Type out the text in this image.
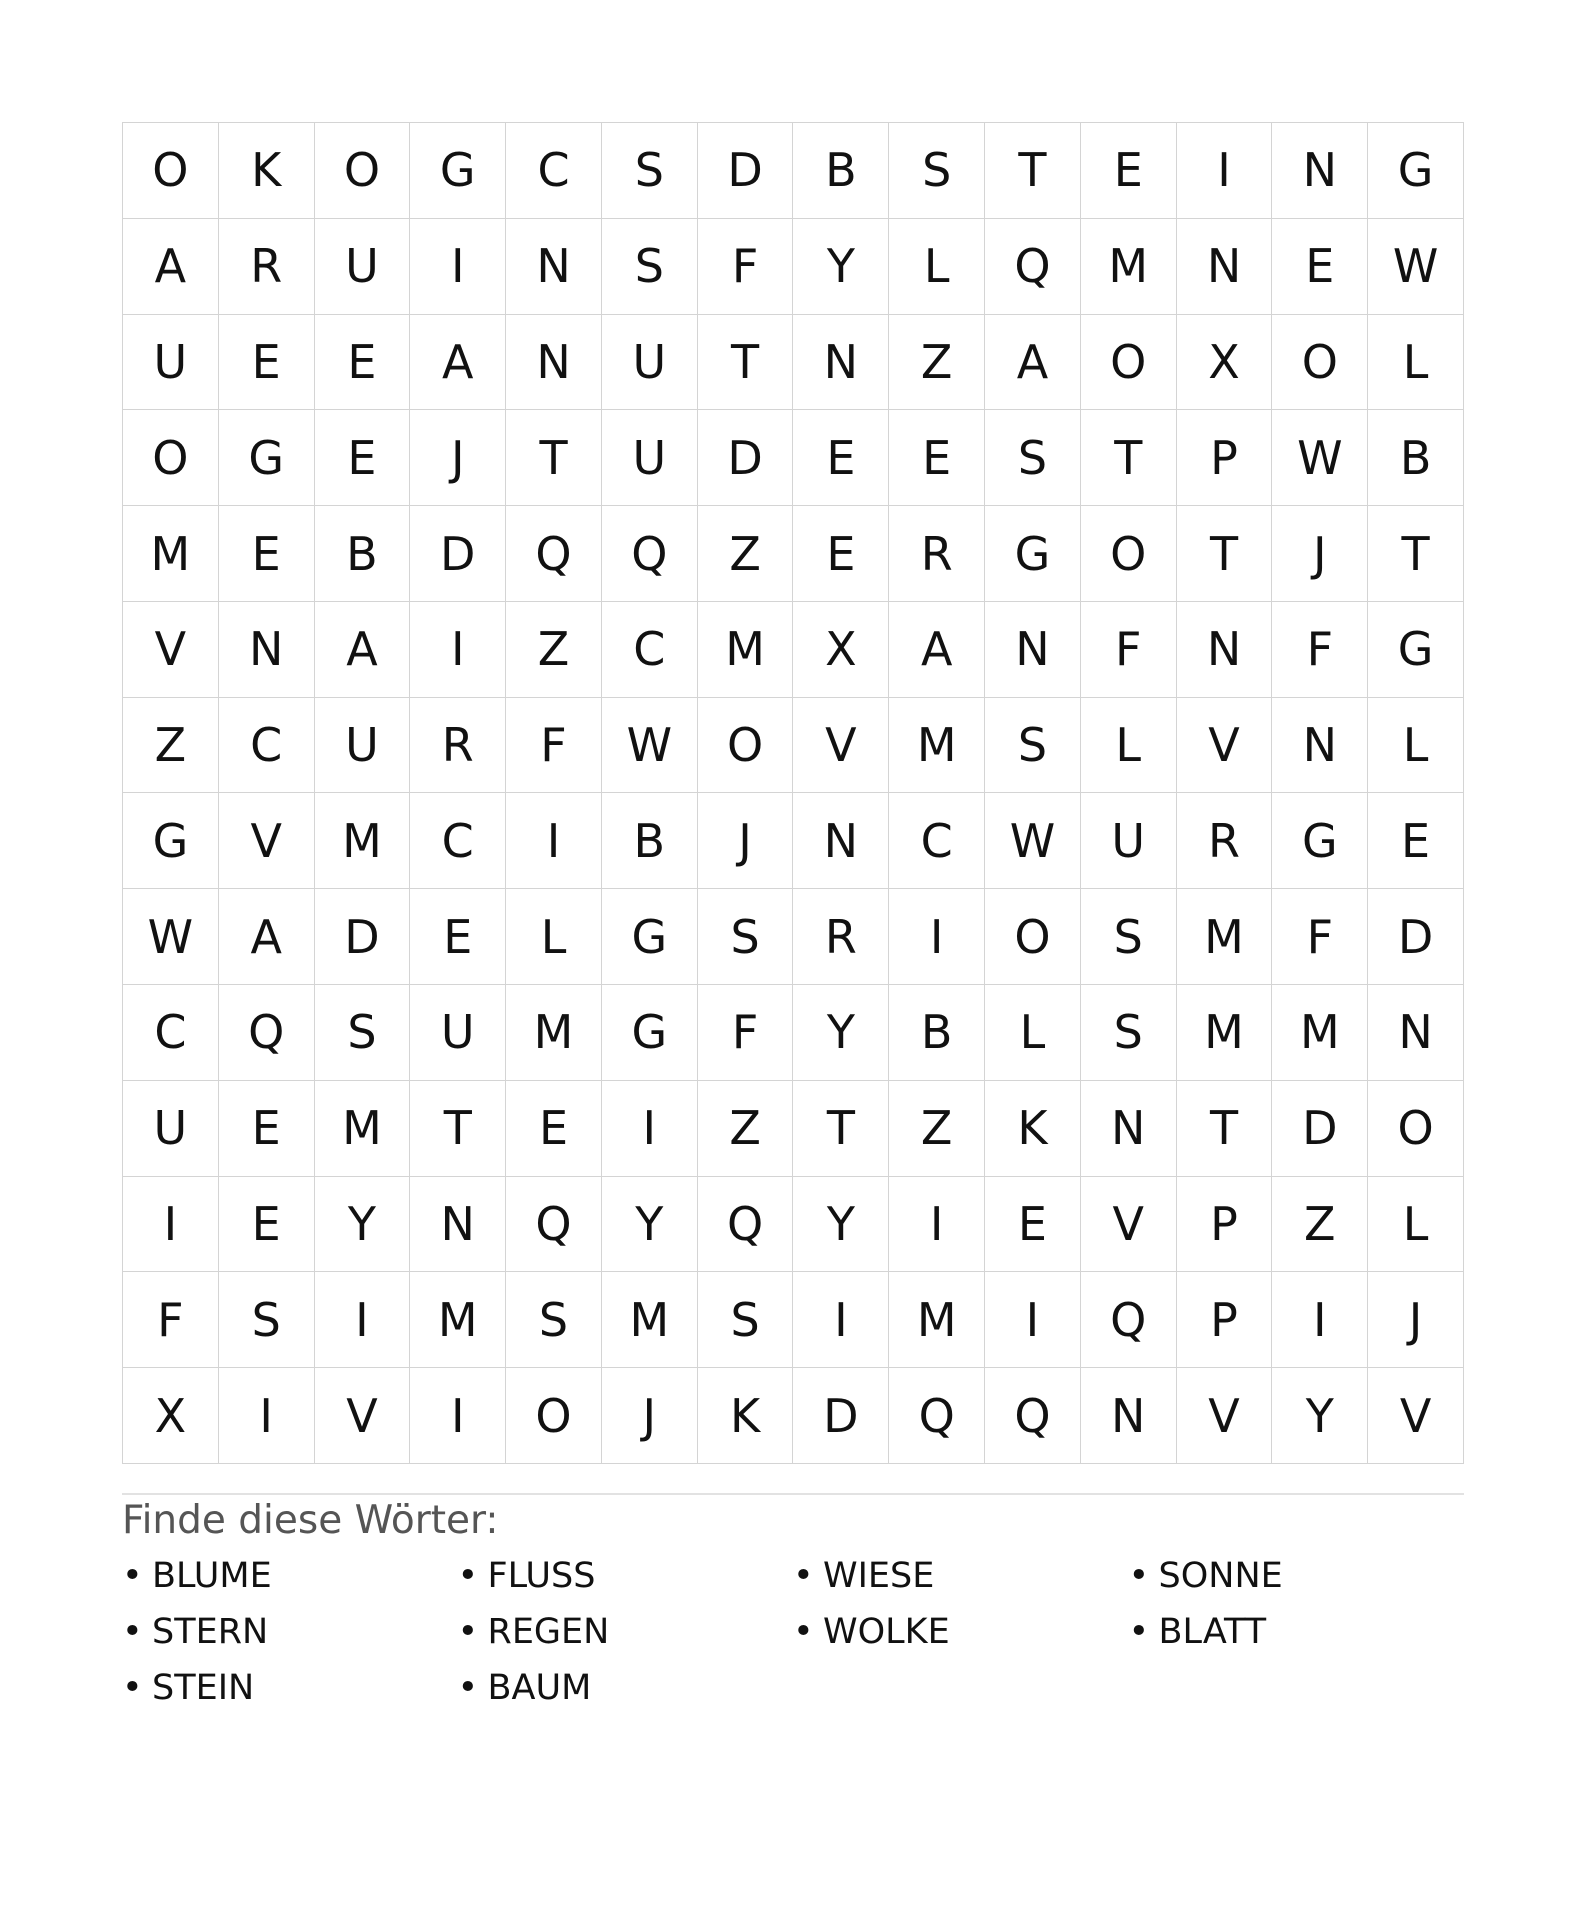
O	K	O	G	C	S	D	B	S	T	E	I	N	G
A	R	U	I	N	S	F	Y	L	Q	M	N	E	W
U	E	E	A	N	U	T	N	Z	A	O	X	O	L
O	G	E	J	T	U	D	E	E	S	T	P	W	B
M	E	B	D	Q	Q	Z	E	R	G	O	T	J	T
V	N	A	I	Z	C	M	X	A	N	F	N	F	G
Z	C	U	R	F	W	O	V	M	S	L	V	N	L
G	V	M	C	I	B	J	N	C	W	U	R	G	E
W	A	D	E	L	G	S	R	I	O	S	M	F	D
C	Q	S	U	M	G	F	Y	B	L	S	M	M	N
U	E	M	T	E	I	Z	T	Z	K	N	T	D	O
I	E	Y	N	Q	Y	Q	Y	I	E	V	P	Z	L
F	S	I	M	S	M	S	I	M	I	Q	P	I	J
X	I	V	I	O	J	K	D	Q	Q	N	V	Y	V
Finde diese Wörter:
• BLUME	• FLUSS	• WIESE	• SONNE
• STERN	• REGEN	• WOLKE	• BLATT
• STEIN	• BAUM
